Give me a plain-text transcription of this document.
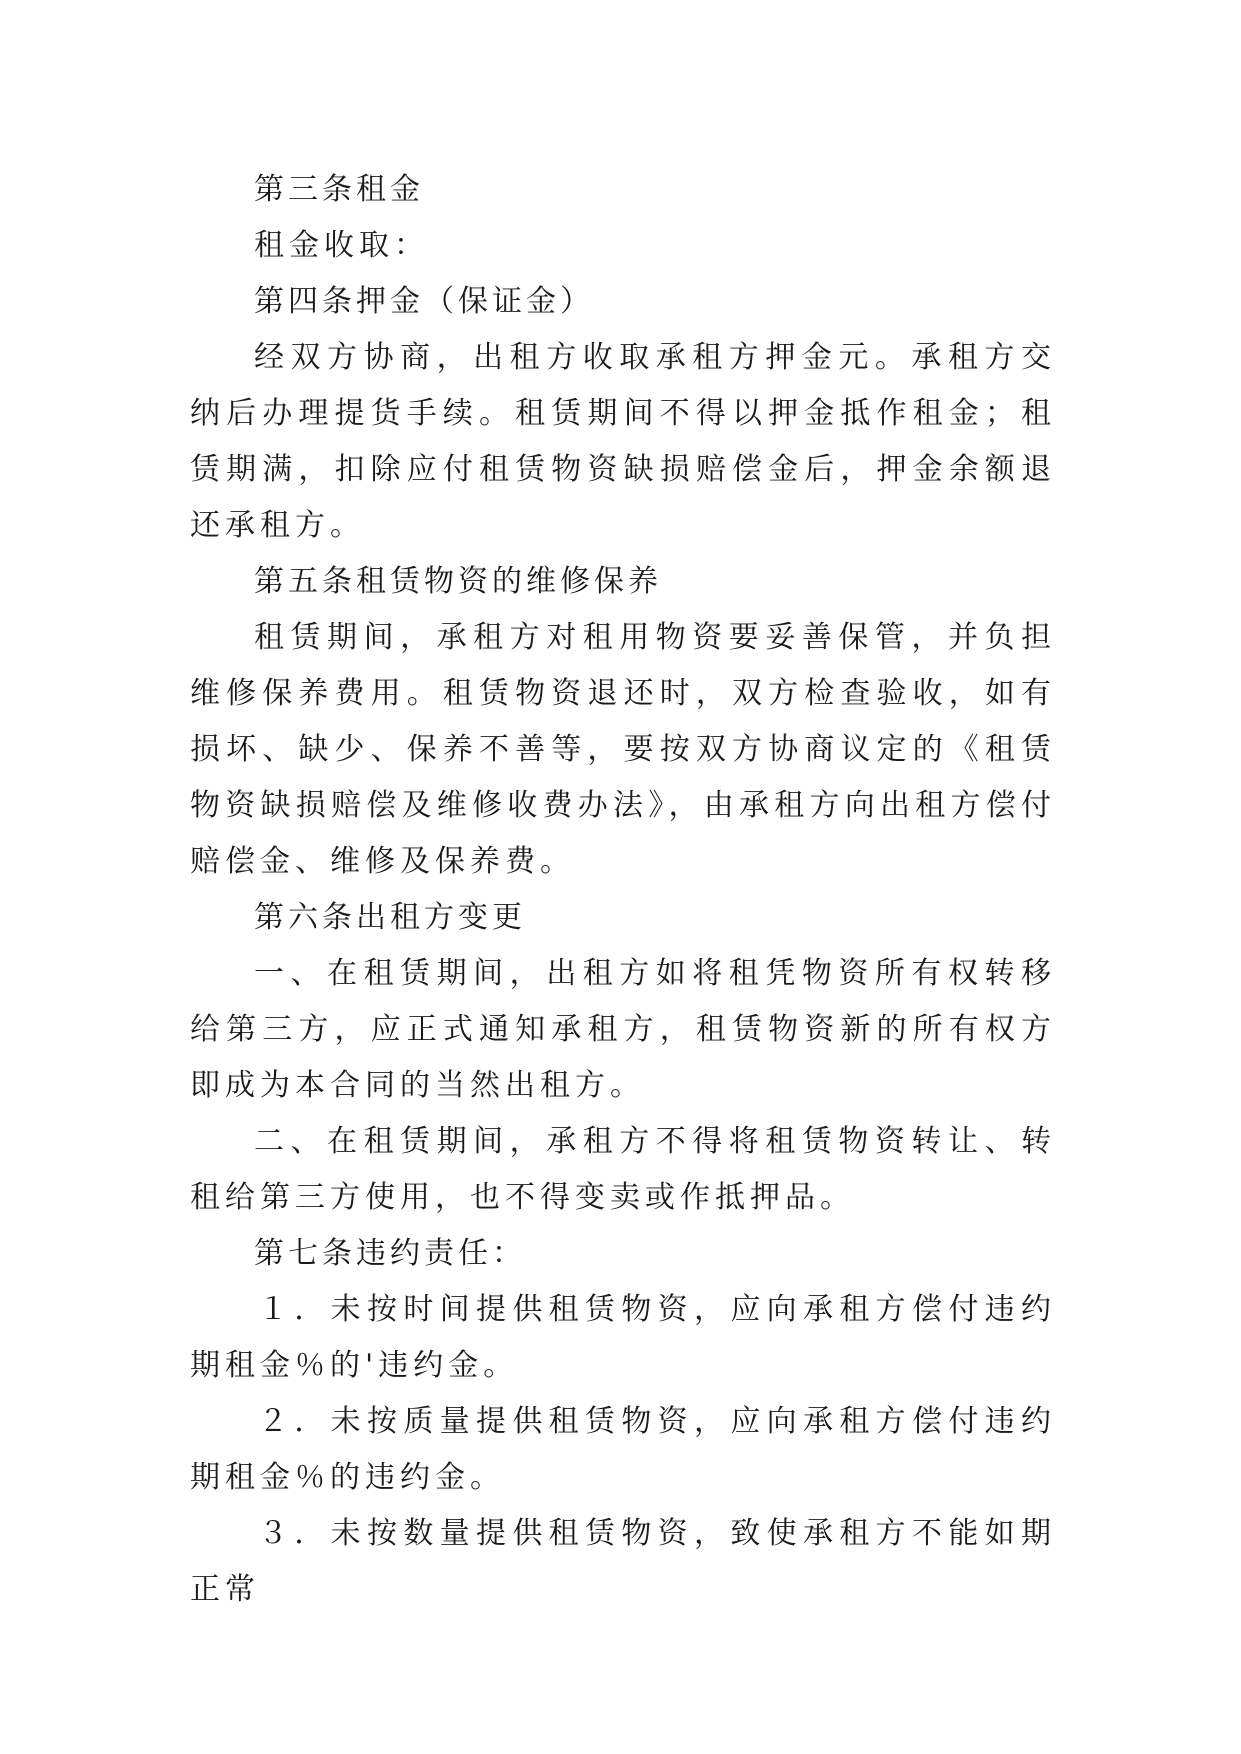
第三条租金

租金收取：

第四条押金（保证金）

经双方协商，出租方收取承租方押金元。承租方交纳后办理提货手续。租赁期间不得以押金抵作租金；租赁期满，扣除应付租赁物资缺损赔偿金后，押金余额退还承租方。

第五条租赁物资的维修保养

租赁期间，承租方对租用物资要妥善保管，并负担维修保养费用。租赁物资退还时，双方检查验收，如有损坏、缺少、保养不善等，要按双方协商议定的《租赁物资缺损赔偿及维修收费办法》，由承租方向出租方偿付赔偿金、维修及保养费。

第六条出租方变更

一、在租赁期间，出租方如将租凭物资所有权转移给第三方，应正式通知承租方，租赁物资新的所有权方即成为本合同的当然出租方。

二、在租赁期间，承租方不得将租赁物资转让、转租给第三方使用，也不得变卖或作抵押品。

第七条违约责任：

１．未按时间提供租赁物资，应向承租方偿付违约期租金％的'违约金。

２．未按质量提供租赁物资，应向承租方偿付违约期租金％的违约金。

３．未按数量提供租赁物资，致使承租方不能如期正常
